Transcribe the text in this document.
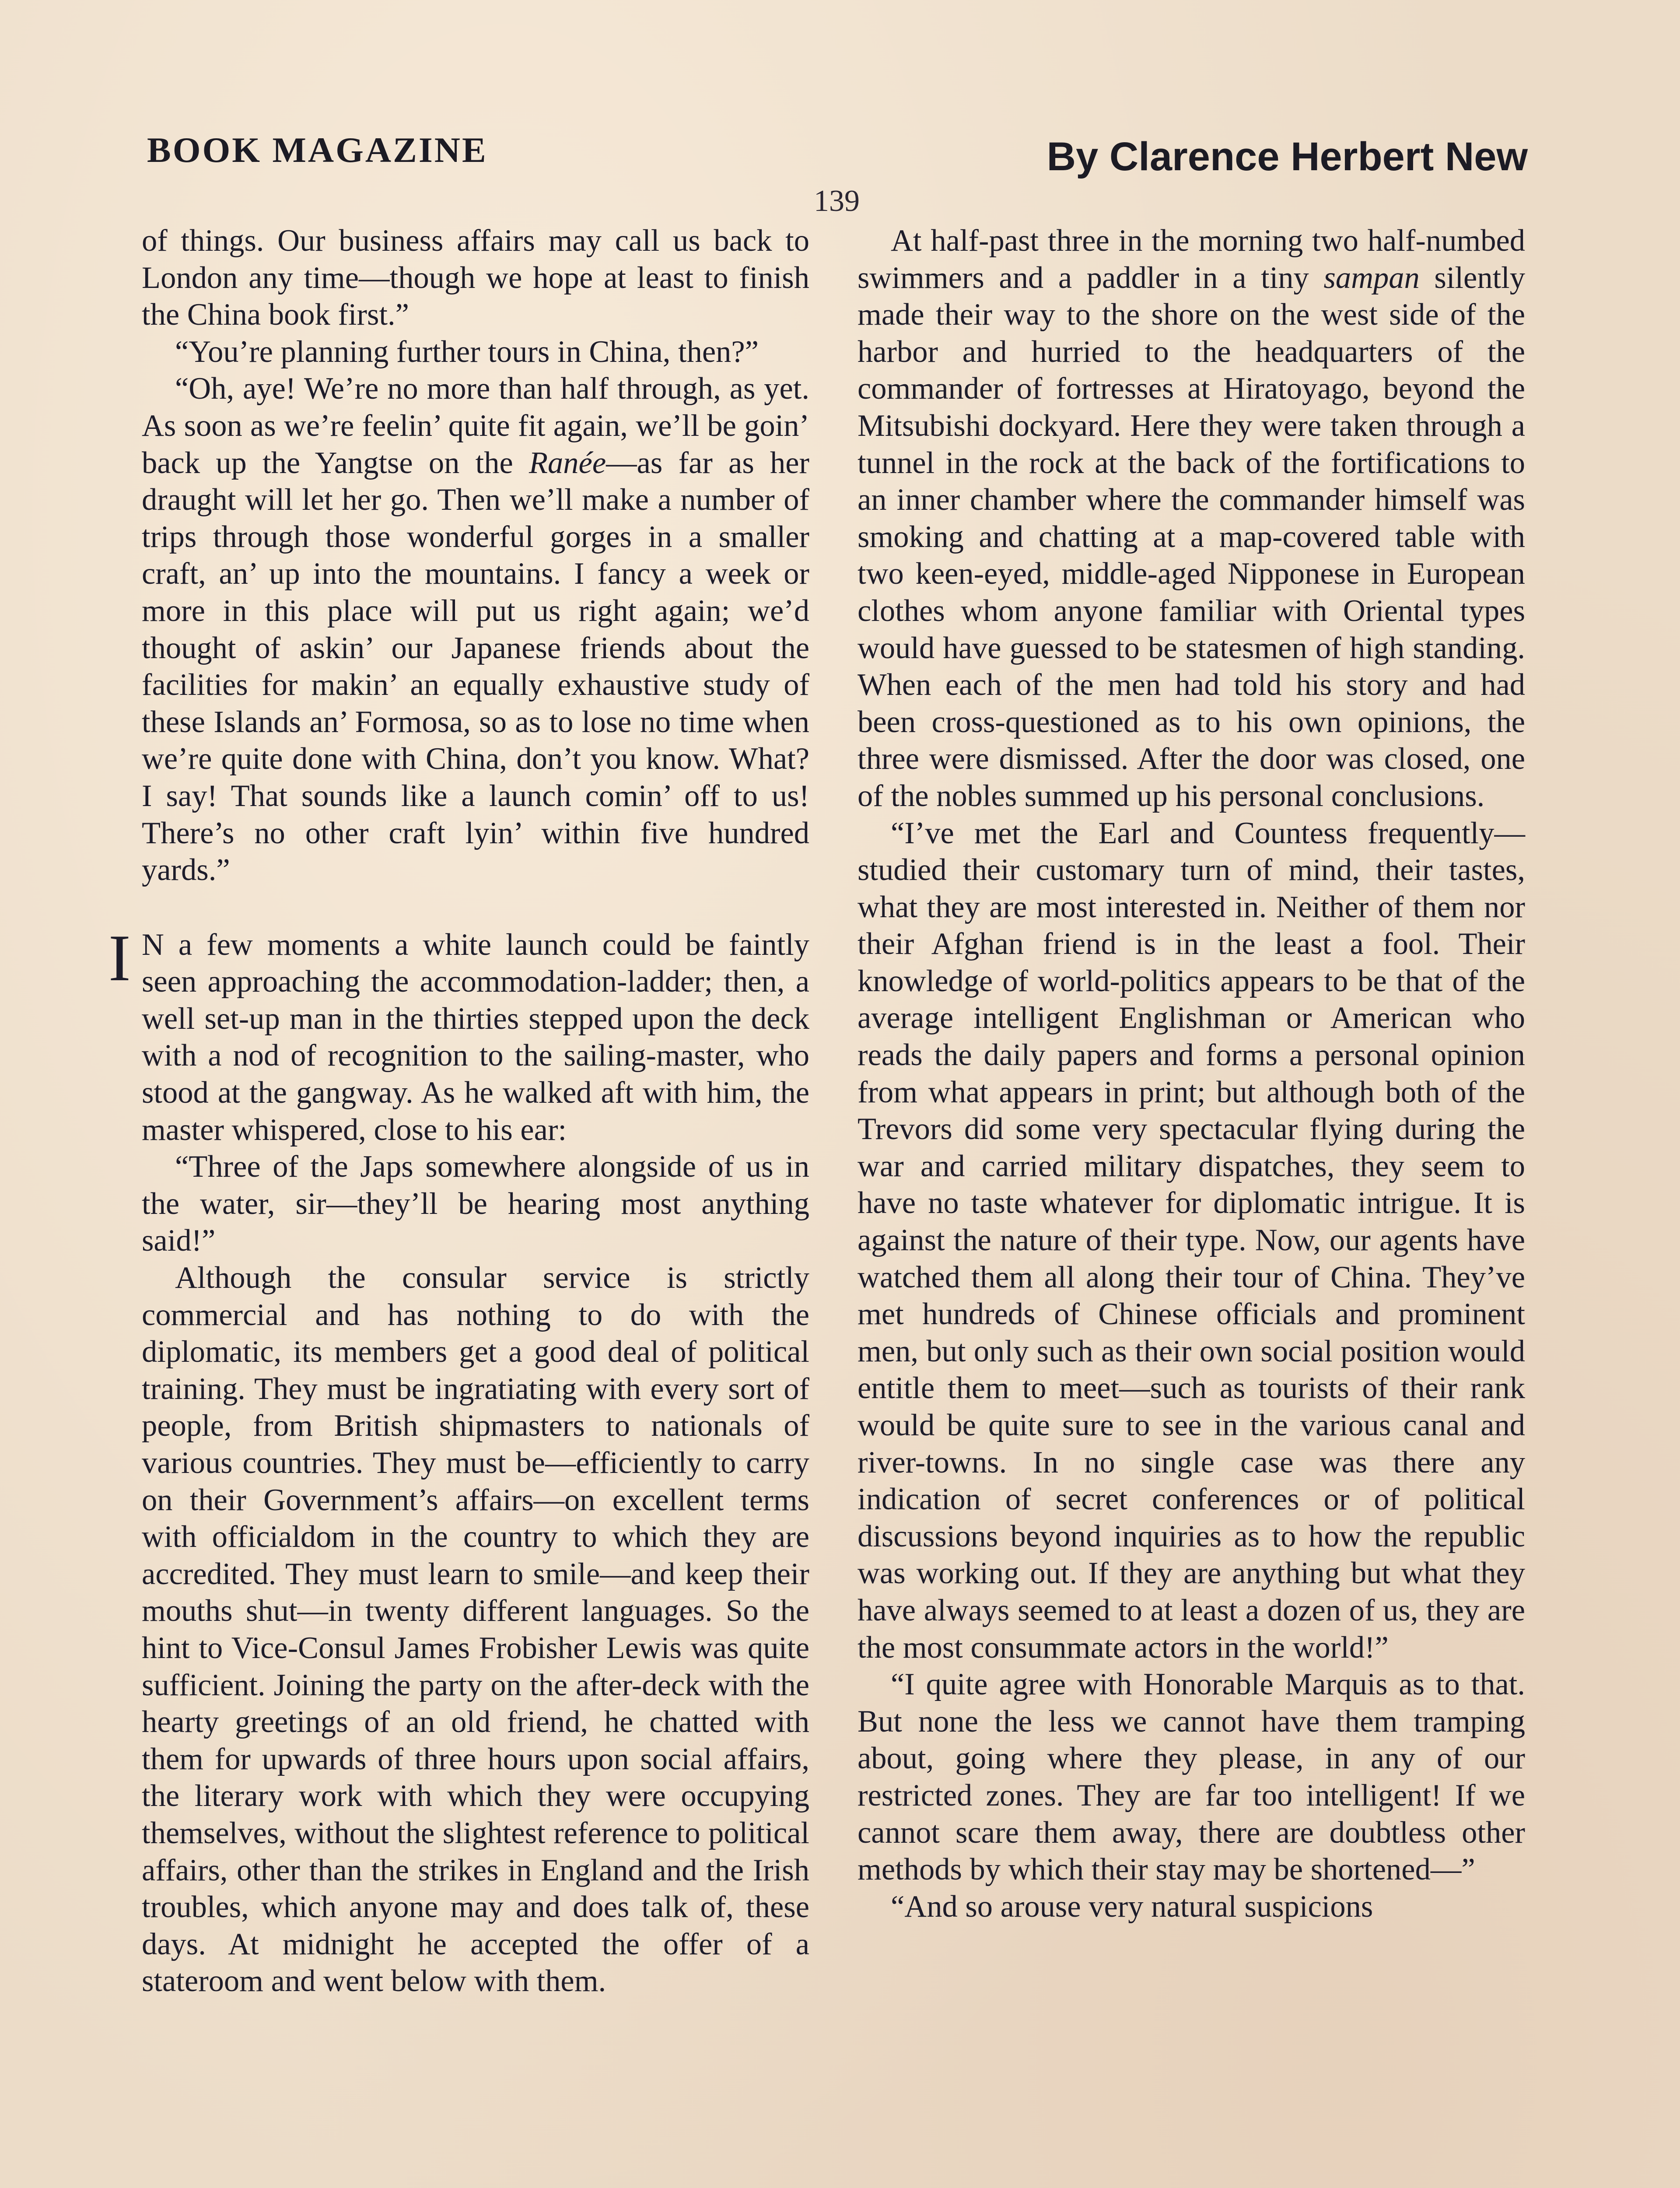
BOOK MAGAZINE	By Clarence Herbert New
139

of things. Our business affairs may call us back to London any time—though we hope at least to finish the China book first.”

“You’re planning further tours in China, then?”

“Oh, aye! We’re no more than half through, as yet. As soon as we’re feelin’ quite fit again, we’ll be goin’ back up the Yangtse on the Ranée—as far as her draught will let her go. Then we’ll make a number of trips through those wonderful gorges in a smaller craft, an’ up into the mountains. I fancy a week or more in this place will put us right again; we’d thought of askin’ our Japanese friends about the facilities for makin’ an equally exhaustive study of these Islands an’ Formosa, so as to lose no time when we’re quite done with China, don’t you know. What? I say! That sounds like a launch comin’ off to us! There’s no other craft lyin’ within five hundred yards.”

I N a few moments a white launch could be faintly seen approaching the accommodation-ladder; then, a well set-up man in the thirties stepped upon the deck with a nod of recognition to the sailing-master, who stood at the gangway. As he walked aft with him, the master whispered, close to his ear:

“Three of the Japs somewhere alongside of us in the water, sir—they’ll be hearing most anything said!”

Although the consular service is strictly commercial and has nothing to do with the diplomatic, its members get a good deal of political training. They must be ingratiating with every sort of people, from British shipmasters to nationals of various countries. They must be—efficiently to carry on their Government’s affairs—on excellent terms with officialdom in the country to which they are accredited. They must learn to smile—and keep their mouths shut—in twenty different languages. So the hint to Vice-Consul James Frobisher Lewis was quite sufficient. Joining the party on the after-deck with the hearty greetings of an old friend, he chatted with them for upwards of three hours upon social affairs, the literary work with which they were occupying themselves, without the slightest reference to political affairs, other than the strikes in England and the Irish troubles, which anyone may and does talk of, these days. At midnight he accepted the offer of a stateroom and went below with them.

At half-past three in the morning two half-numbed swimmers and a paddler in a tiny sampan silently made their way to the shore on the west side of the harbor and hurried to the headquarters of the commander of fortresses at Hiratoyago, beyond the Mitsubishi dockyard. Here they were taken through a tunnel in the rock at the back of the fortifications to an inner chamber where the commander himself was smoking and chatting at a map-covered table with two keen-eyed, middle-aged Nipponese in European clothes whom anyone familiar with Oriental types would have guessed to be statesmen of high standing. When each of the men had told his story and had been cross-questioned as to his own opinions, the three were dismissed. After the door was closed, one of the nobles summed up his personal conclusions.

“I’ve met the Earl and Countess frequently—studied their customary turn of mind, their tastes, what they are most interested in. Neither of them nor their Afghan friend is in the least a fool. Their knowledge of world-politics appears to be that of the average intelligent Englishman or American who reads the daily papers and forms a personal opinion from what appears in print; but although both of the Trevors did some very spectacular flying during the war and carried military dispatches, they seem to have no taste whatever for diplomatic intrigue. It is against the nature of their type. Now, our agents have watched them all along their tour of China. They’ve met hundreds of Chinese officials and prominent men, but only such as their own social position would entitle them to meet—such as tourists of their rank would be quite sure to see in the various canal and river-towns. In no single case was there any indication of secret conferences or of political discussions beyond inquiries as to how the republic was working out. If they are anything but what they have always seemed to at least a dozen of us, they are the most consummate actors in the world!”

“I quite agree with Honorable Marquis as to that. But none the less we cannot have them tramping about, going where they please, in any of our restricted zones. They are far too intelligent! If we cannot scare them away, there are doubtless other methods by which their stay may be shortened—”

“And so arouse very natural suspicions
